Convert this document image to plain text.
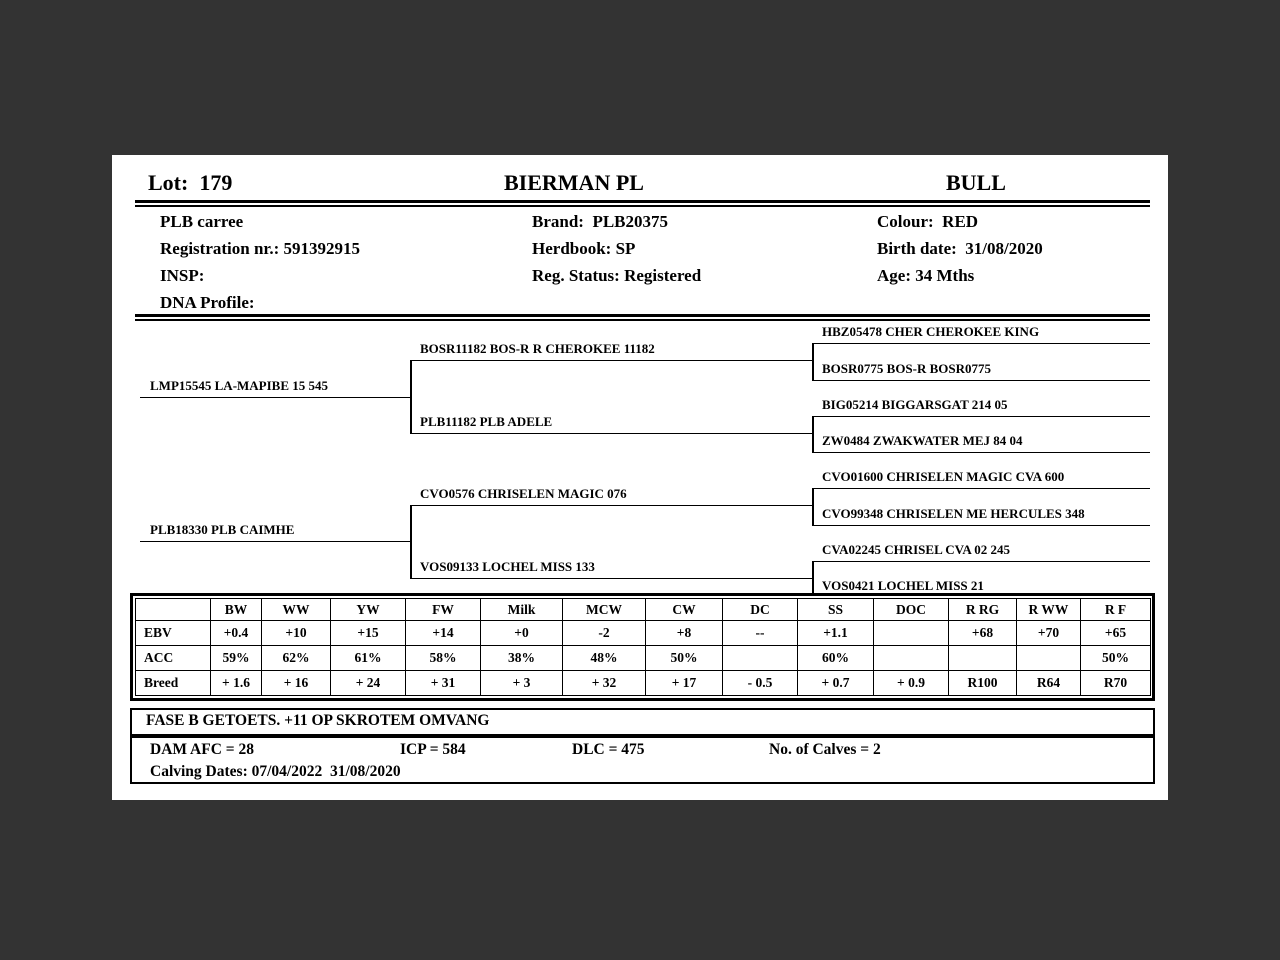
Lot:  179	BIERMAN PL	BULL
PLB carree
Registration nr.: 591392915
INSP:
DNA Profile:
Brand:  PLB20375
Herdbook: SP
Reg. Status: Registered
Colour:  RED
Birth date:  31/08/2020
Age: 34 Mths
LMP15545 LA-MAPIBE 15 545
PLB18330 PLB CAIMHE
BOSR11182 BOS-R R CHEROKEE 11182
PLB11182 PLB ADELE
CVO0576 CHRISELEN MAGIC 076
VOS09133 LOCHEL MISS 133
HBZ05478 CHER CHEROKEE KING
BOSR0775 BOS-R BOSR0775
BIG05214 BIGGARSGAT 214 05
ZW0484 ZWAKWATER MEJ 84 04
CVO01600 CHRISELEN MAGIC CVA 600
CVO99348 CHRISELEN ME HERCULES 348
CVA02245 CHRISEL CVA 02 245
VOS0421 LOCHEL MISS 21
	BW	WW	YW	FW	Milk	MCW	CW	DC	SS	DOC	R RG	R WW	R F
EBV	+0.4	+10	+15	+14	+0	-2	+8	--	+1.1		+68	+70	+65
ACC	59%	62%	61%	58%	38%	48%	50%		60%				50%
Breed	+ 1.6	+ 16	+ 24	+ 31	+ 3	+ 32	+ 17	- 0.5	+ 0.7	+ 0.9	R100	R64	R70
FASE B GETOETS. +11 OP SKROTEM OMVANG
DAM AFC = 28	ICP = 584	DLC = 475	No. of Calves = 2
Calving Dates: 07/04/2022  31/08/2020
